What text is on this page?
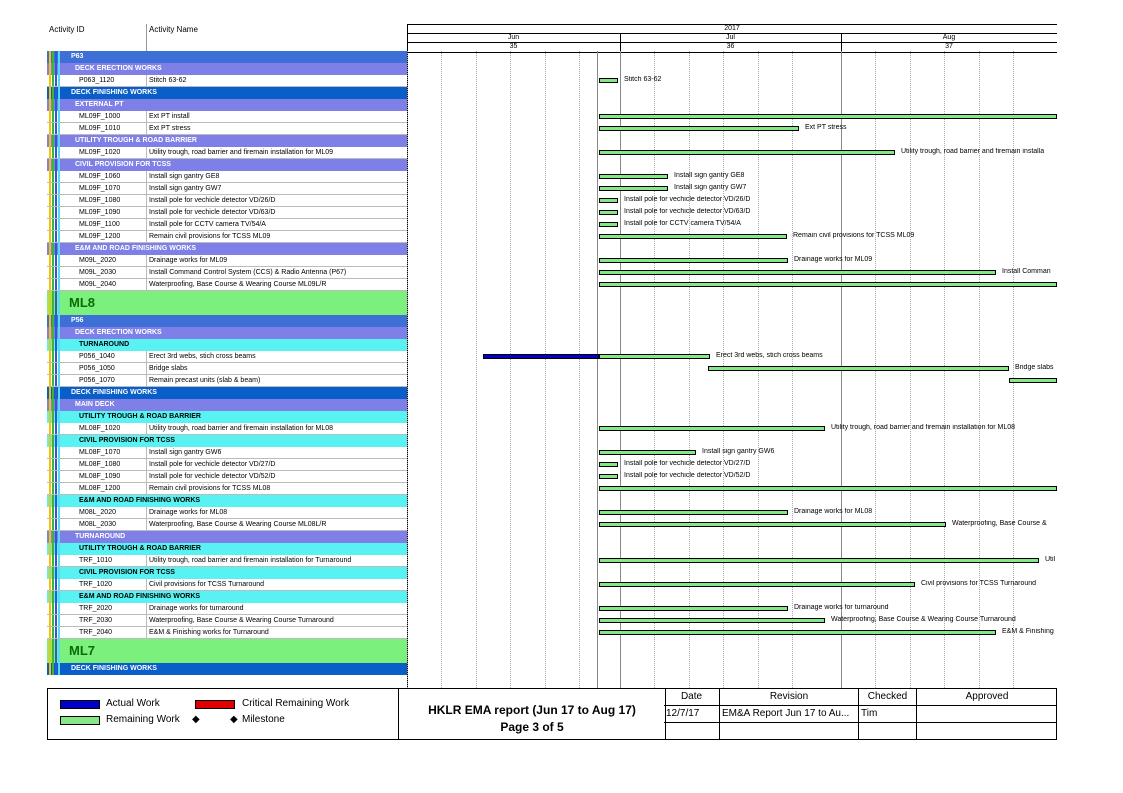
Activity ID	Activity Name
P63
DECK ERECTION WORKS
P063_1120	Stitch 63-62
DECK FINISHING WORKS
EXTERNAL PT
ML09F_1000	Ext PT install
ML09F_1010	Ext PT stress
UTILITY TROUGH & ROAD BARRIER
ML09F_1020	Utility trough, road barrier and firemain installation for ML09
CIVIL PROVISION FOR TCSS
ML09F_1060	Install sign gantry GE8
ML09F_1070	Install sign gantry GW7
ML09F_1080	Install pole for vechicle detector VD/26/D
ML09F_1090	Install pole for vechicle detector VD/63/D
ML09F_1100	Install pole for CCTV camera TV/54/A
ML09F_1200	Remain civil provisions for TCSS ML09
E&M AND ROAD FINISHING WORKS
M09L_2020	Drainage works for ML09
M09L_2030	Install Command Control System (CCS) & Radio Antenna (P67)
M09L_2040	Waterproofing, Base Course & Wearing Course ML09L/R
ML8
P56
DECK ERECTION WORKS
TURNAROUND
P056_1040	Erect 3rd webs, stich cross beams
P056_1050	Bridge slabs
P056_1070	Remain precast units (slab & beam)
DECK FINISHING WORKS
MAIN DECK
UTILITY TROUGH & ROAD BARRIER
ML08F_1020	Utility trough, road barrier and firemain installation for ML08
CIVIL PROVISION FOR TCSS
ML08F_1070	Install sign gantry GW6
ML08F_1080	Install pole for vechicle detector VD/27/D
ML08F_1090	Install pole for vechicle detector VD/52/D
ML08F_1200	Remain civil provisions for TCSS ML08
E&M AND ROAD FINISHING WORKS
M08L_2020	Drainage works for ML08
M08L_2030	Waterproofing, Base Course & Wearing Course ML08L/R
TURNAROUND
UTILITY TROUGH & ROAD BARRIER
TRF_1010	Utility trough, road barrier and firemain installation for Turnaround
CIVIL PROVISION FOR TCSS
TRF_1020	Civil provisions for TCSS Turnaround
E&M AND ROAD FINISHING WORKS
TRF_2020	Drainage works for turnaround
TRF_2030	Waterproofing, Base Course & Wearing Course Turnaround
TRF_2040	E&M & Finishing works for Turnaround
ML7
DECK FINISHING WORKS
2017
Jun	Jul	Aug
35	36	37
Stitch 63-62
Ext PT stress
Utility trough, road barrier and firemain installa
Install sign gantry GE8
Install sign gantry GW7
Install pole for vechicle detector VD/26/D
Install pole for vechicle detector VD/63/D
Install pole for CCTV camera TV/54/A
Remain civil provisions for TCSS ML09
Drainage works for ML09
Install Comman
Erect 3rd webs, stich cross beams
Bridge slabs
Utility trough, road barrier and firemain installation for ML08
Install sign gantry GW6
Install pole for vechicle detector VD/27/D
Install pole for vechicle detector VD/52/D
Drainage works for ML08
Waterproofing, Base Course &
Util
Civil provisions for TCSS Turnaround
Drainage works for turnaround
Waterproofing, Base Course & Wearing Course Turnaround
E&M & Finishing
Actual Work	Critical Remaining Work
Remaining Work ◆	◆ Milestone
HKLR EMA report (Jun 17 to Aug 17)
Page 3 of 5
Date	Revision	Checked	Approved
12/7/17	EM&A Report Jun 17 to Au...	Tim
